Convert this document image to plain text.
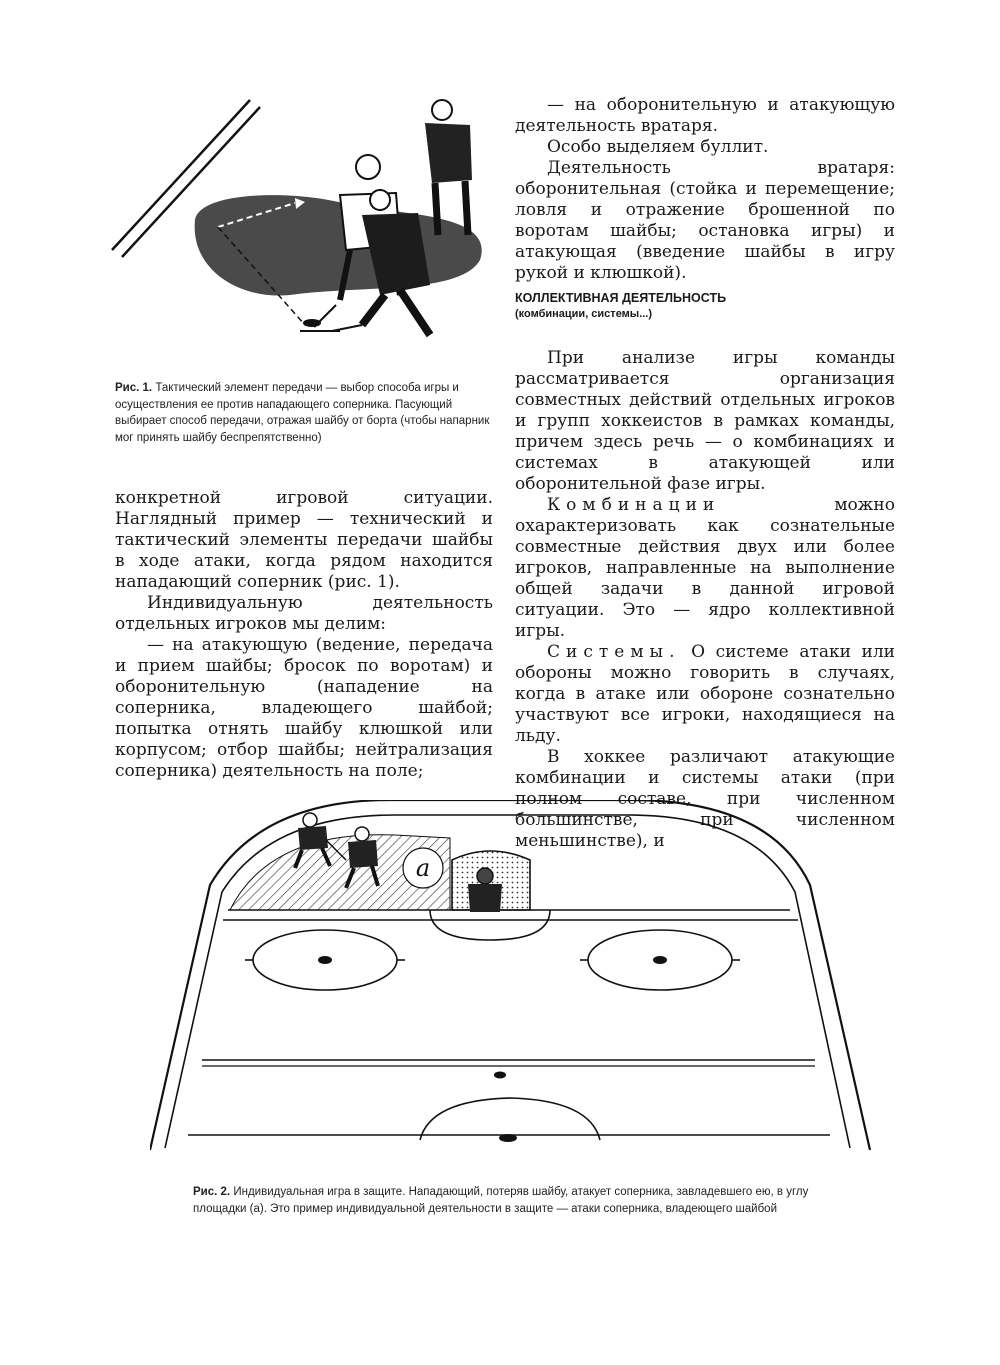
Рис. 1. Тактический элемент передачи — выбор способа игры и осуществления ее против нападающего соперника. Пасующий выбирает способ передачи, отражая шайбу от борта (чтобы напарник мог принять шайбу беспрепятственно)

— на оборонительную и атакующую деятельность вратаря.

Особо выделяем буллит.

Деятельность вратаря: оборонительная (стойка и перемещение; ловля и отражение брошенной по воротам шайбы; остановка игры) и атакующая (введение шайбы в игру рукой и клюшкой).

КОЛЛЕКТИВНАЯ ДЕЯТЕЛЬНОСТЬ
(комбинации, системы...)

При анализе игры команды рассматривается организация совместных действий отдельных игроков и групп хоккеистов в рамках команды, причем здесь речь — о комбинациях и системах в атакующей или оборонительной фазе игры.

Комбинации можно охарактеризовать как сознательные совместные действия двух или более игроков, направленные на выполнение общей задачи в данной игровой ситуации. Это — ядро коллективной игры.

Системы. О системе атаки или обороны можно говорить в случаях, когда в атаке или обороне сознательно участвуют все игроки, находящиеся на льду.

В хоккее различают атакующие комбинации и системы атаки (при полном составе, при численном большинстве, при численном меньшинстве), и

конкретной игровой ситуации. Наглядный пример — технический и тактический элементы передачи шайбы в ходе атаки, когда рядом находится нападающий соперник (рис. 1).

Индивидуальную деятельность отдельных игроков мы делим:

— на атакующую (ведение, передача и прием шайбы; бросок по воротам) и оборонительную (нападение на соперника, владеющего шайбой; попытка отнять шайбу клюшкой или корпусом; отбор шайбы; нейтрализация соперника) деятельность на поле;

a
Рис. 2. Индивидуальная игра в защите. Нападающий, потеряв шайбу, атакует соперника, завладевшего ею, в углу площадки (а). Это пример индивидуальной деятельности в защите — атаки соперника, владеющего шайбой
